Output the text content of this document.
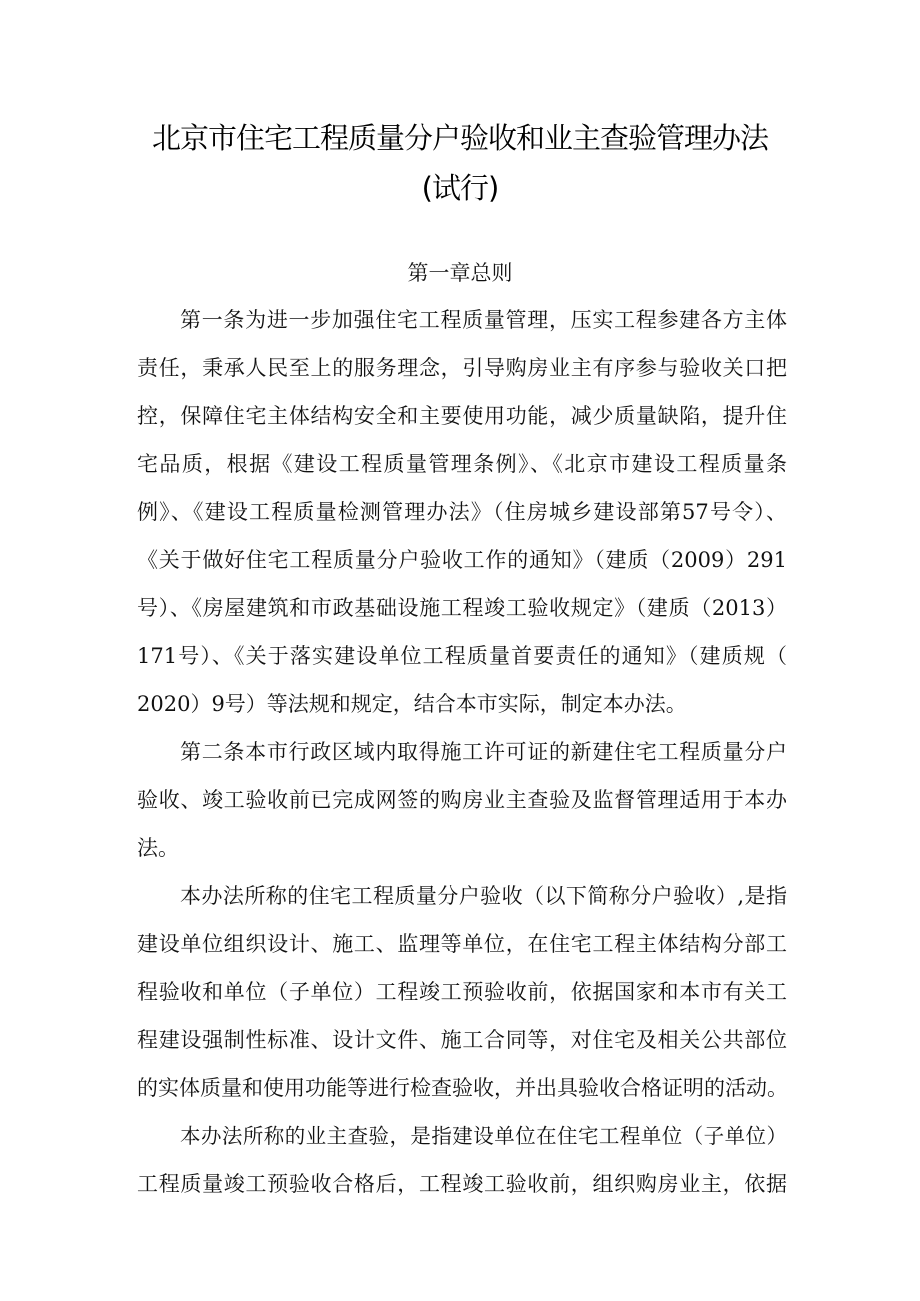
北京市住宅工程质量分户验收和业主查验管理办法
(试行)
第一章总则
第一条为进一步加强住宅工程质量管理，压实工程参建各方主体
责任，秉承人民至上的服务理念，引导购房业主有序参与验收关口把
控，保障住宅主体结构安全和主要使用功能，减少质量缺陷，提升住
宅品质，根据《建设工程质量管理条例》、《北京市建设工程质量条
例》、《建设工程质量检测管理办法》（住房城乡建设部第57号令）、
《关于做好住宅工程质量分户验收工作的通知》（建质（2009）291
号）、《房屋建筑和市政基础设施工程竣工验收规定》（建质（2013）
171号）、《关于落实建设单位工程质量首要责任的通知》（建质规（
2020）9号）等法规和规定，结合本市实际，制定本办法。
第二条本市行政区域内取得施工许可证的新建住宅工程质量分户
验收、竣工验收前已完成网签的购房业主查验及监督管理适用于本办
法。
本办法所称的住宅工程质量分户验收（以下简称分户验收）,是指
建设单位组织设计、施工、监理等单位，在住宅工程主体结构分部工
程验收和单位（子单位）工程竣工预验收前，依据国家和本市有关工
程建设强制性标准、设计文件、施工合同等，对住宅及相关公共部位
的实体质量和使用功能等进行检查验收，并出具验收合格证明的活动。
本办法所称的业主查验，是指建设单位在住宅工程单位（子单位）
工程质量竣工预验收合格后，工程竣工验收前，组织购房业主，依据
